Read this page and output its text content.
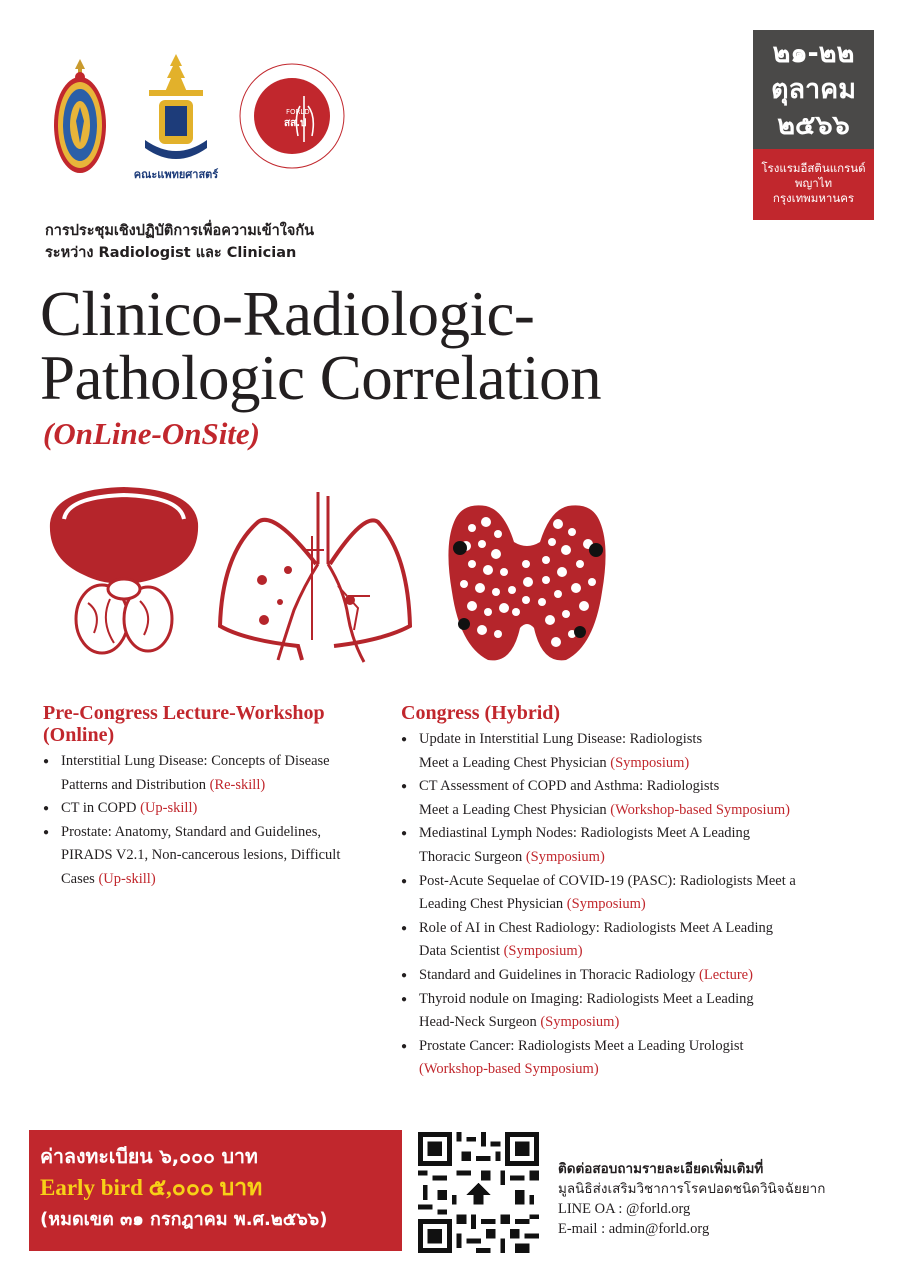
คณะแพทยศาสตร์
FORLD
สส.ป
๒๑-๒๒
ตุลาคม
๒๕๖๖
โรงแรมอีสตินแกรนด์
พญาไท
กรุงเทพมหานคร
การประชุมเชิงปฏิบัติการเพื่อความเข้าใจกัน
ระหว่าง Radiologist และ Clinician
Clinico-Radiologic-
Pathologic Correlation
(OnLine-OnSite)
Pre-Congress Lecture-Workshop
(Online)
● Interstitial Lung Disease: Concepts of Disease
Patterns and Distribution (Re-skill)
● CT in COPD (Up-skill)
● Prostate: Anatomy, Standard and Guidelines,
PIRADS V2.1, Non-cancerous lesions, Difficult
Cases (Up-skill)
Congress (Hybrid)
● Update in Interstitial Lung Disease: Radiologists
Meet a Leading Chest Physician (Symposium)
● CT Assessment of COPD and Asthma: Radiologists
Meet a Leading Chest Physician (Workshop-based Symposium)
● Mediastinal Lymph Nodes: Radiologists Meet A Leading
Thoracic Surgeon (Symposium)
● Post-Acute Sequelae of COVID-19 (PASC): Radiologists Meet a
Leading Chest Physician (Symposium)
● Role of AI in Chest Radiology: Radiologists Meet A Leading
Data Scientist (Symposium)
● Standard and Guidelines in Thoracic Radiology (Lecture)
● Thyroid nodule on Imaging: Radiologists Meet a Leading
Head-Neck Surgeon (Symposium)
● Prostate Cancer: Radiologists Meet a Leading Urologist
(Workshop-based Symposium)
ค่าลงทะเบียน ๖,๐๐๐ บาท
Early bird ๕,๐๐๐ บาท
(หมดเขต ๓๑ กรกฎาคม พ.ศ.๒๕๖๖)
ติดต่อสอบถามรายละเอียดเพิ่มเติมที่
มูลนิธิส่งเสริมวิชาการโรคปอดชนิดวินิจฉัยยาก
LINE OA : @forld.org
E-mail : admin@forld.org
